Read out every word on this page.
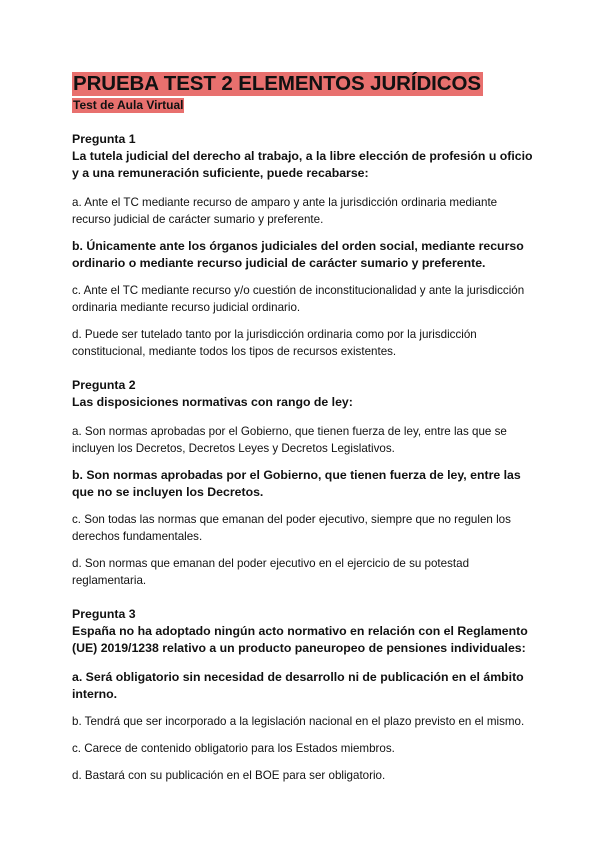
PRUEBA TEST 2 ELEMENTOS JURÍDICOS
Test de Aula Virtual
Pregunta 1
La tutela judicial del derecho al trabajo, a la libre elección de profesión u oficio y a una remuneración suficiente, puede recabarse:
a. Ante el TC mediante recurso de amparo y ante la jurisdicción ordinaria mediante recurso judicial de carácter sumario y preferente.
b. Únicamente ante los órganos judiciales del orden social, mediante recurso ordinario o mediante recurso judicial de carácter sumario y preferente.
c. Ante el TC mediante recurso y/o cuestión de inconstitucionalidad y ante la jurisdicción ordinaria mediante recurso judicial ordinario.
d. Puede ser tutelado tanto por la jurisdicción ordinaria como por la jurisdicción constitucional, mediante todos los tipos de recursos existentes.
Pregunta 2
Las disposiciones normativas con rango de ley:
a. Son normas aprobadas por el Gobierno, que tienen fuerza de ley, entre las que se incluyen los Decretos, Decretos Leyes y Decretos Legislativos.
b. Son normas aprobadas por el Gobierno, que tienen fuerza de ley, entre las que no se incluyen los Decretos.
c. Son todas las normas que emanan del poder ejecutivo, siempre que no regulen los derechos fundamentales.
d. Son normas que emanan del poder ejecutivo en el ejercicio de su potestad reglamentaria.
Pregunta 3
España no ha adoptado ningún acto normativo en relación con el Reglamento (UE) 2019/1238 relativo a un producto paneuropeo de pensiones individuales:
a. Será obligatorio sin necesidad de desarrollo ni de publicación en el ámbito interno.
b. Tendrá que ser incorporado a la legislación nacional en el plazo previsto en el mismo.
c. Carece de contenido obligatorio para los Estados miembros.
d. Bastará con su publicación en el BOE para ser obligatorio.
